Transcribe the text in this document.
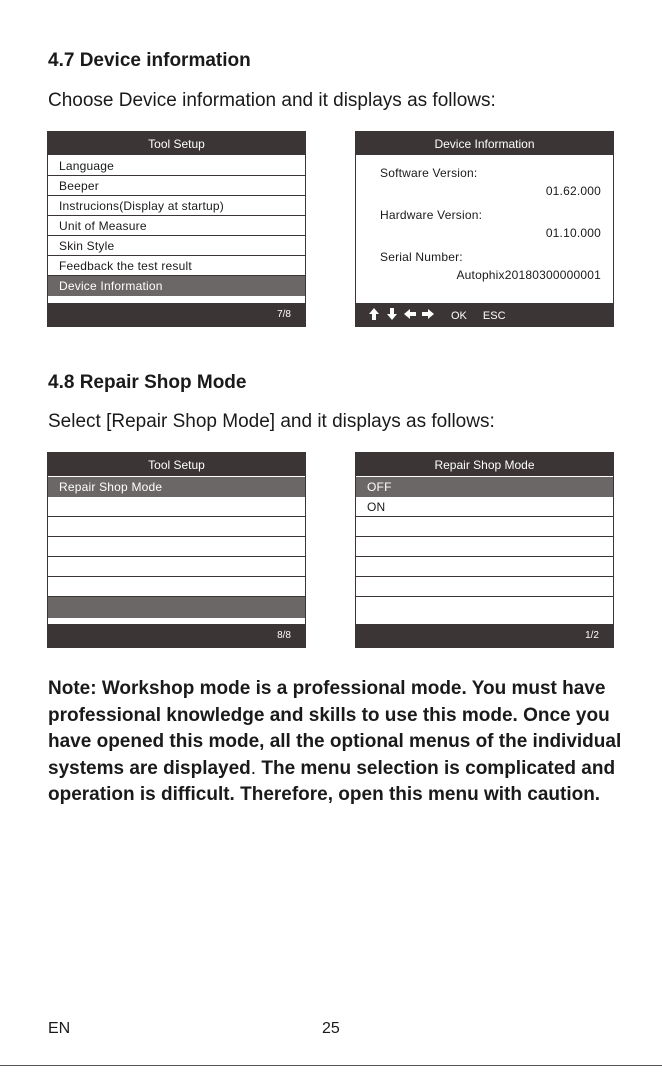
4.7 Device information

Choose Device information and it displays as follows:

Tool Setup
Language
Beeper
Instrucions(Display at startup)
Unit of Measure
Skin Style
Feedback the test result
Device Information
7/8
Device Information
Software Version:
01.62.000
Hardware Version:
01.10.000
Serial Number:
Autophix20180300000001
OK ESC
4.8 Repair Shop Mode

Select [Repair Shop Mode] and it displays as follows:

Tool Setup
Repair Shop Mode
8/8
Repair Shop Mode
OFF
ON
1/2

Note: Workshop mode is a professional mode. You must have professional knowledge and skills to use this mode. Once you have opened this mode, all the optional menus of the individual systems are displayed. The menu selection is complicated and operation is difficult. Therefore, open this menu with caution.

EN	25
